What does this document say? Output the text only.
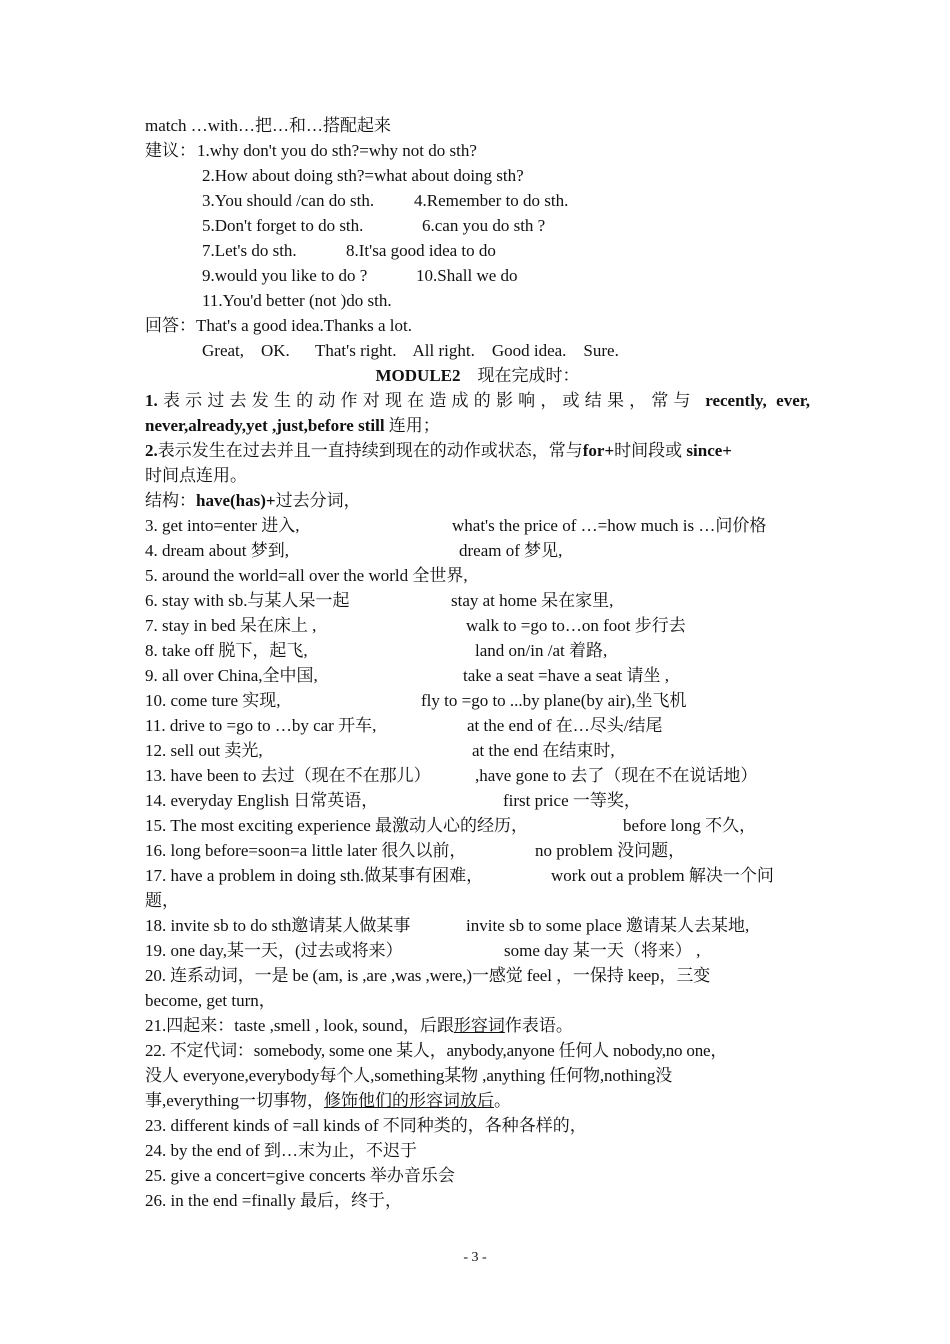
match …with…把…和…搭配起来
建议：1.why don't you do sth?=why not do sth?
2.How about doing sth?=what about doing sth?
3.You should /can do sth. 4.Remember to do sth.
5.Don't forget to do sth.	6.can you do sth ?
7.Let's do sth.	8.It'sa good idea to do
9.would you like to do ?	10.Shall we do
11.You'd better (not )do sth.
回答：That's a good idea.Thanks a lot.
Great,    OK.      That's right.    All right.    Good idea.    Sure.
MODULE2　现在完成时：
1.表示过去发生的动作对现在造成的影响，或结果，常与 recently, ever,
never,already,yet ,just,before still 连用；
2.表示发生在过去并且一直持续到现在的动作或状态，常与for+时间段或 since+
时间点连用。
结构：have(has)+过去分词，
3. get into=enter 进入,	what's the price of …=how much is …问价格
4. dream about 梦到,	dream of 梦见,
5. around the world=all over the world 全世界,
6. stay with sb.与某人呆一起	stay at home 呆在家里,
7. stay in bed 呆在床上 ,	walk to =go to…on foot 步行去
8. take off 脱下，起飞,	land on/in /at 着路,
9. all over China,全中国,	take a seat =have a seat 请坐 ,
10. come ture 实现,	fly to =go to ...by plane(by air),坐飞机
11. drive to =go to …by car 开车,	at the end of 在…尽头/结尾
12. sell out 卖光,	at the end 在结束时,
13. have been to 去过（现在不在那儿）	,have gone to 去了（现在不在说话地）
14. everyday English 日常英语，	first price 一等奖，
15. The most exciting experience 最激动人心的经历，	before long 不久，
16. long before=soon=a little later 很久以前，	no problem 没问题，
17. have a problem in doing sth.做某事有困难，	work out a problem 解决一个问
题，
18. invite sb to do sth邀请某人做某事	invite sb to some place 邀请某人去某地,
19. one day,某一天，(过去或将来）	some day 某一天（将来） ,
20. 连系动词，一是 be (am, is ,are ,was ,were,)一感觉 feel ，一保持 keep，三变
become, get turn，
21.四起来：taste ,smell , look, sound，后跟形容词作表语。
22. 不定代词：somebody, some one 某人，anybody,anyone 任何人 nobody,no one，
没人 everyone,everybody每个人,something某物 ,anything 任何物,nothing没
事,everything一切事物，修饰他们的形容词放后。
23. different kinds of =all kinds of 不同种类的，各种各样的，
24. by the end of 到…末为止，不迟于
25. give a concert=give concerts 举办音乐会
26. in the end =finally 最后，终于，
- 3 -
